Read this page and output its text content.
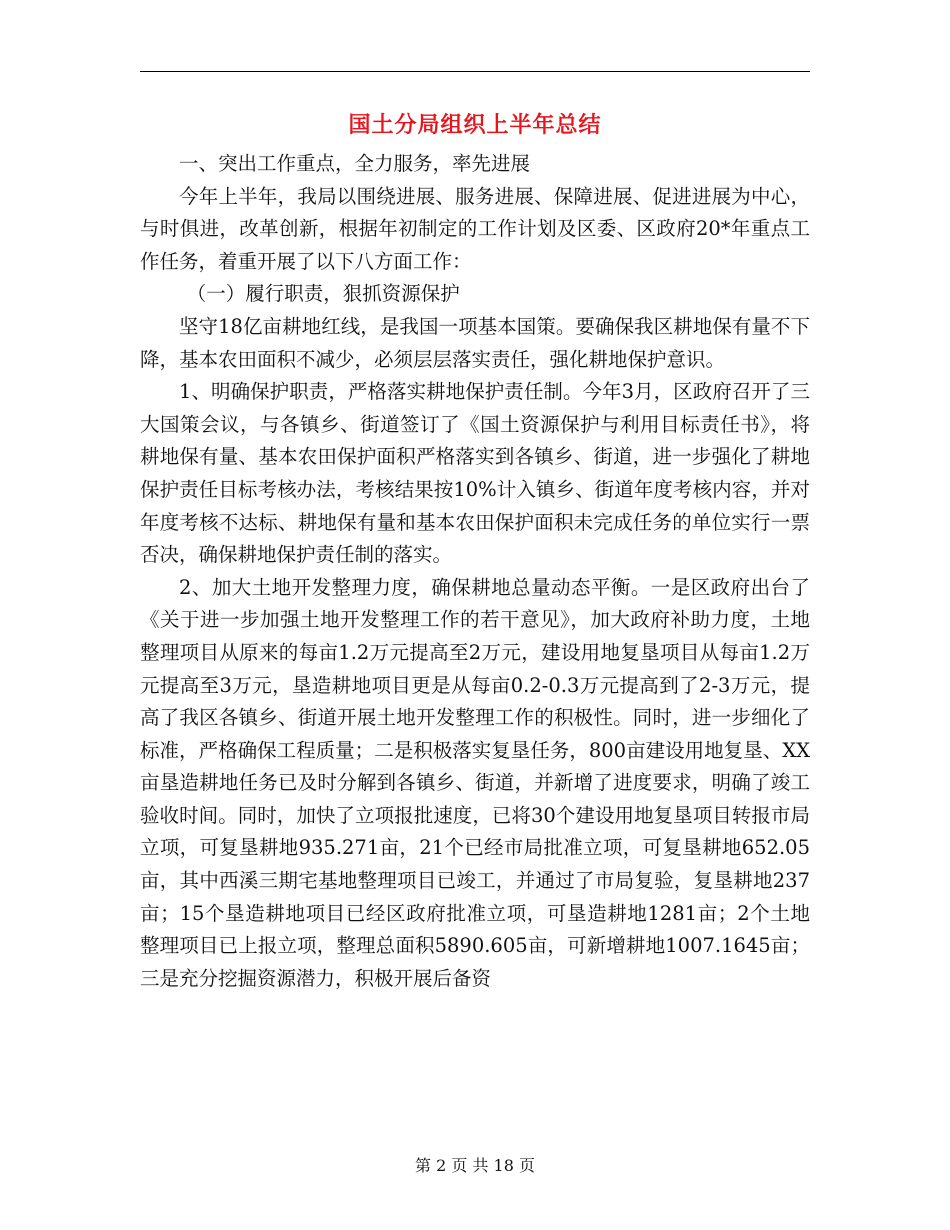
国土分局组织上半年总结

一、突出工作重点，全力服务，率先进展

今年上半年，我局以围绕进展、服务进展、保障进展、促进进展为中心，与时俱进，改革创新，根据年初制定的工作计划及区委、区政府20*年重点工作任务，着重开展了以下八方面工作：

（一）履行职责，狠抓资源保护

坚守18亿亩耕地红线，是我国一项基本国策。要确保我区耕地保有量不下降，基本农田面积不减少，必须层层落实责任，强化耕地保护意识。

1、明确保护职责，严格落实耕地保护责任制。今年3月，区政府召开了三大国策会议，与各镇乡、街道签订了《国土资源保护与利用目标责任书》，将耕地保有量、基本农田保护面积严格落实到各镇乡、街道，进一步强化了耕地保护责任目标考核办法，考核结果按10%计入镇乡、街道年度考核内容，并对年度考核不达标、耕地保有量和基本农田保护面积未完成任务的单位实行一票否决，确保耕地保护责任制的落实。

2、加大土地开发整理力度，确保耕地总量动态平衡。一是区政府出台了《关于进一步加强土地开发整理工作的若干意见》，加大政府补助力度，土地整理项目从原来的每亩1.2万元提高至2万元，建设用地复垦项目从每亩1.2万元提高至3万元，垦造耕地项目更是从每亩0.2-0.3万元提高到了2-3万元，提高了我区各镇乡、街道开展土地开发整理工作的积极性。同时，进一步细化了标准，严格确保工程质量；二是积极落实复垦任务，800亩建设用地复垦、XX亩垦造耕地任务已及时分解到各镇乡、街道，并新增了进度要求，明确了竣工验收时间。同时，加快了立项报批速度，已将30个建设用地复垦项目转报市局立项，可复垦耕地935.271亩，21个已经市局批准立项，可复垦耕地652.05亩，其中西溪三期宅基地整理项目已竣工，并通过了市局复验，复垦耕地237亩；15个垦造耕地项目已经区政府批准立项，可垦造耕地1281亩；2个土地整理项目已上报立项，整理总面积5890.605亩，可新增耕地1007.1645亩；三是充分挖掘资源潜力，积极开展后备资

第 2 页 共 18 页
